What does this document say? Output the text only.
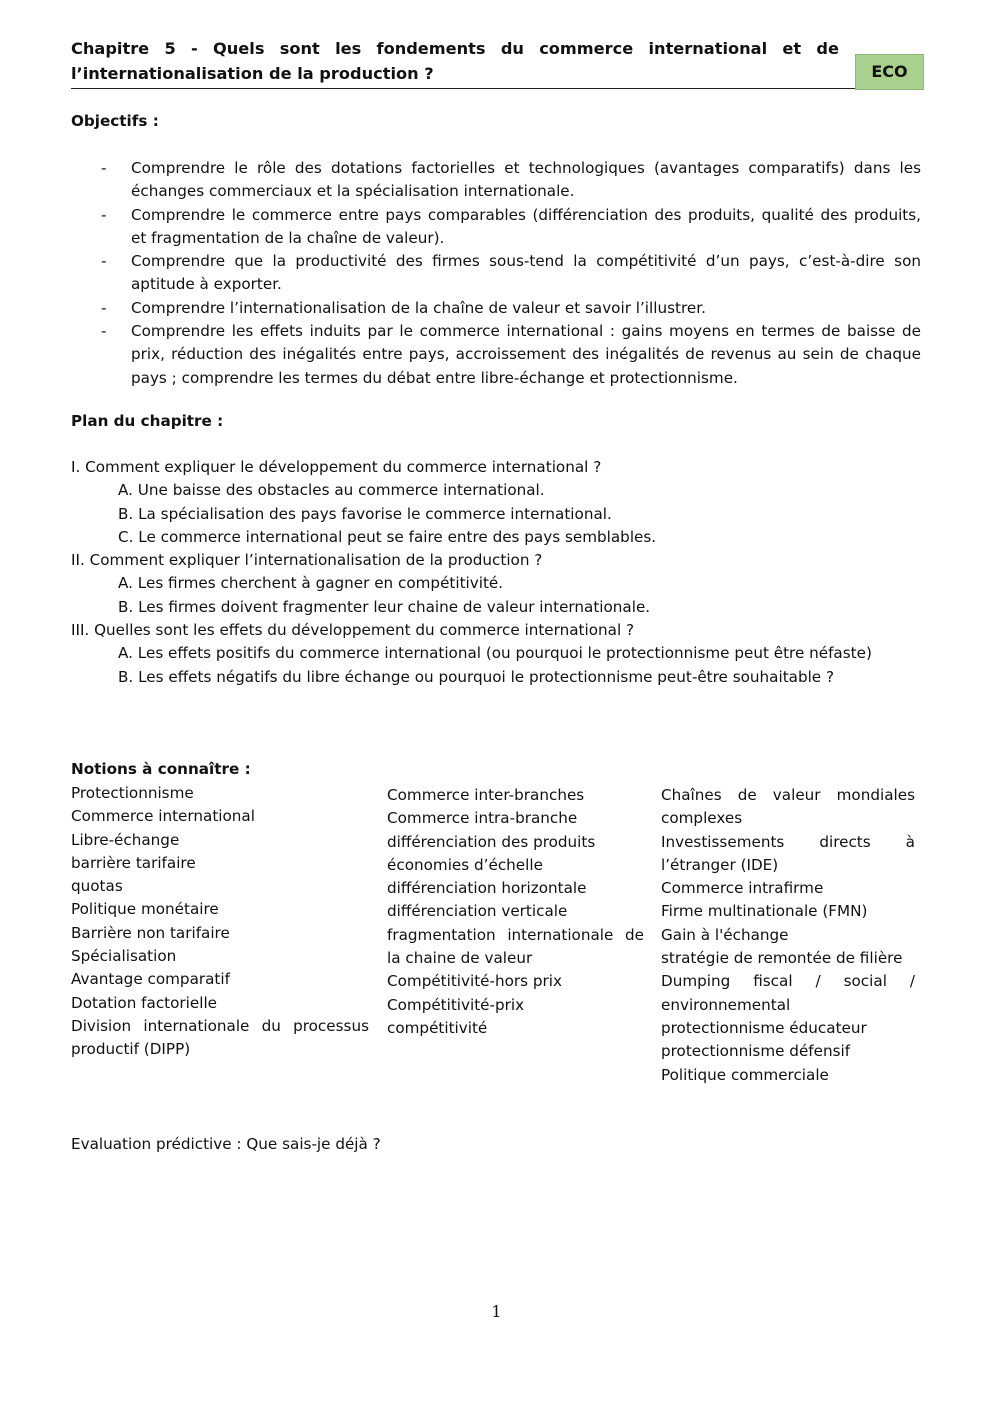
Chapitre 5 - Quels sont les fondements du commerce international et de l’internationalisation de la production ?	ECO
Objectifs :
- Comprendre le rôle des dotations factorielles et technologiques (avantages comparatifs) dans les échanges commerciaux et la spécialisation internationale.
- Comprendre le commerce entre pays comparables (différenciation des produits, qualité des produits, et fragmentation de la chaîne de valeur).
- Comprendre que la productivité des firmes sous-tend la compétitivité d’un pays, c’est-à-dire son aptitude à exporter.
- Comprendre l’internationalisation de la chaîne de valeur et savoir l’illustrer.
- Comprendre les effets induits par le commerce international : gains moyens en termes de baisse de prix, réduction des inégalités entre pays, accroissement des inégalités de revenus au sein de chaque pays ; comprendre les termes du débat entre libre-échange et protectionnisme.
Plan du chapitre :
I. Comment expliquer le développement du commerce international ?
A. Une baisse des obstacles au commerce international.
B. La spécialisation des pays favorise le commerce international.
C. Le commerce international peut se faire entre des pays semblables.
II. Comment expliquer l’internationalisation de la production ?
A. Les firmes cherchent à gagner en compétitivité.
B. Les firmes doivent fragmenter leur chaine de valeur internationale.
III. Quelles sont les effets du développement du commerce international ?
A. Les effets positifs du commerce international (ou pourquoi le protectionnisme peut être néfaste)
B. Les effets négatifs du libre échange ou pourquoi le protectionnisme peut-être souhaitable ?
Notions à connaître :
Protectionnisme
Commerce international
Libre-échange
barrière tarifaire
quotas
Politique monétaire
Barrière non tarifaire
Spécialisation
Avantage comparatif
Dotation factorielle
Division internationale du processus productif (DIPP)
Commerce inter-branches
Commerce intra-branche
différenciation des produits
économies d’échelle
différenciation horizontale
différenciation verticale
fragmentation internationale de la chaine de valeur
Compétitivité-hors prix
Compétitivité-prix
compétitivité
Chaînes de valeur mondiales complexes
Investissements directs à l’étranger (IDE)
Commerce intrafirme
Firme multinationale (FMN)
Gain à l'échange
stratégie de remontée de filière
Dumping fiscal / social / environnemental
protectionnisme éducateur
protectionnisme défensif
Politique commerciale
Evaluation prédictive : Que sais-je déjà ?
1
